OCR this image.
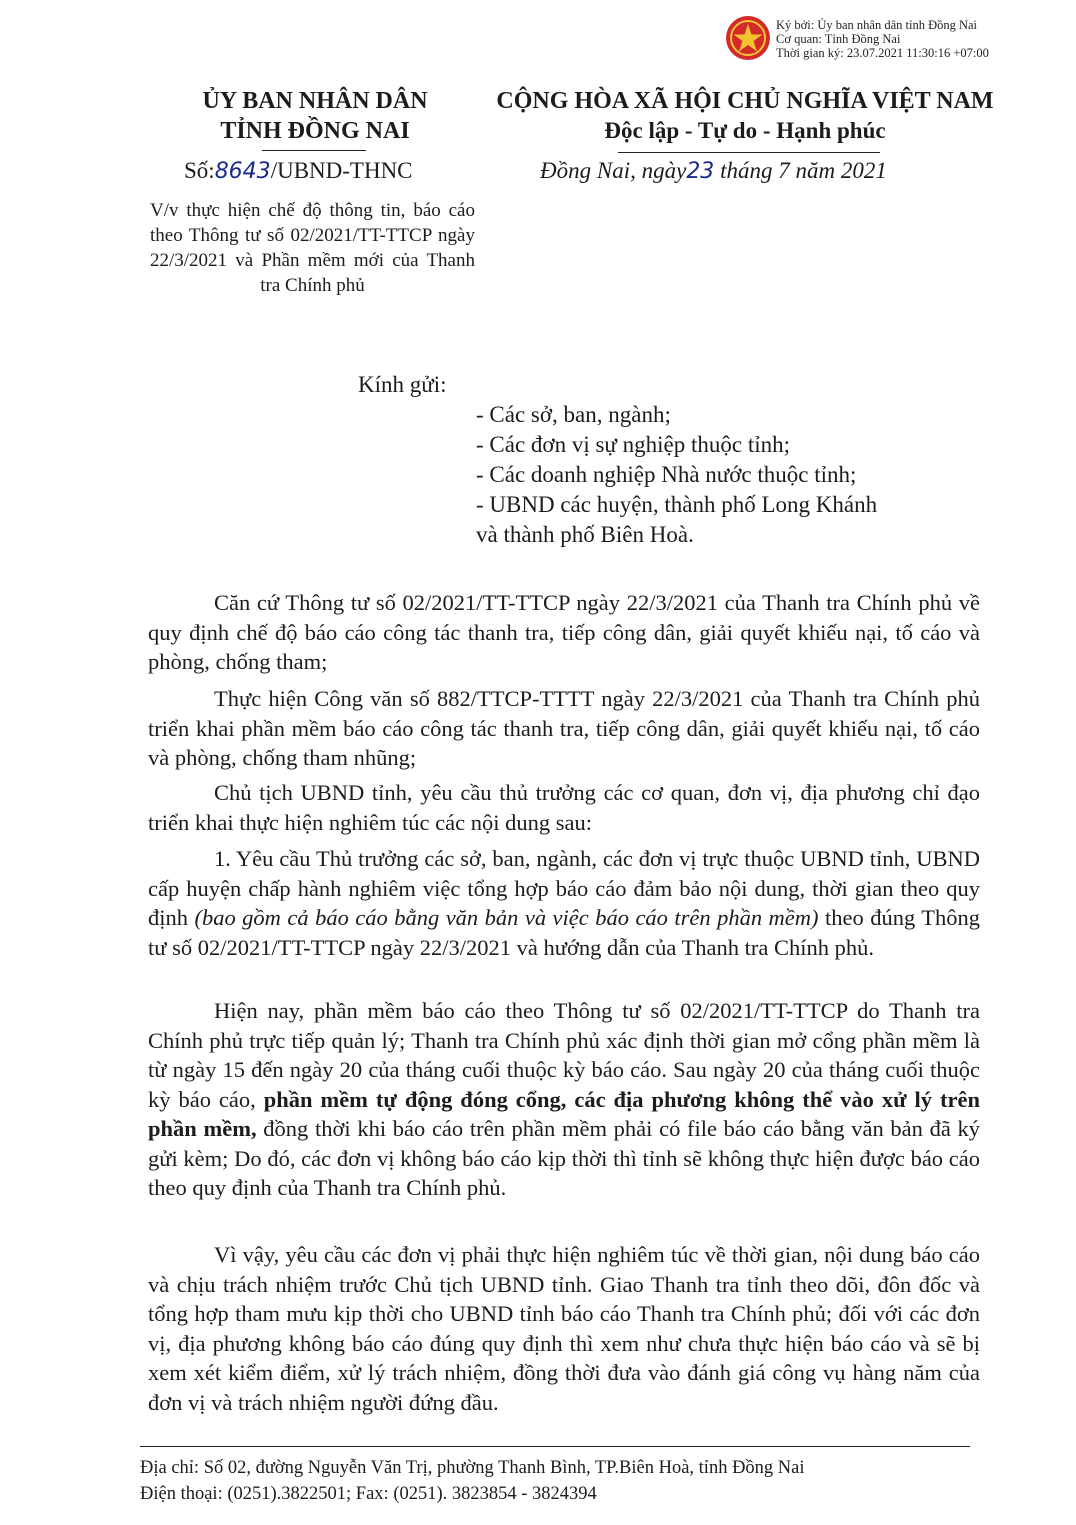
Ký bởi: Ủy ban nhân dân tỉnh Đồng Nai
Cơ quan: Tỉnh Đồng Nai
Thời gian ký: 23.07.2021 11:30:16 +07:00
ỦY BAN NHÂN DÂN
TỈNH ĐỒNG NAI
CỘNG HÒA XÃ HỘI CHỦ NGHĨA VIỆT NAM
Độc lập - Tự do - Hạnh phúc
Số:8643/UBND-THNC	Đồng Nai, ngày23 tháng 7 năm 2021
V/v thực hiện chế độ thông tin, báo cáo theo Thông tư số 02/2021/TT-TTCP ngày 22/3/2021 và Phần mềm mới của Thanh tra Chính phủ
Kính gửi:
- Các sở, ban, ngành;
- Các đơn vị sự nghiệp thuộc tỉnh;
- Các doanh nghiệp Nhà nước thuộc tỉnh;
- UBND các huyện, thành phố Long Khánh
và thành phố Biên Hoà.
Căn cứ Thông tư số 02/2021/TT-TTCP ngày 22/3/2021 của Thanh tra Chính phủ về quy định chế độ báo cáo công tác thanh tra, tiếp công dân, giải quyết khiếu nại, tố cáo và phòng, chống tham;
Thực hiện Công văn số 882/TTCP-TTTT ngày 22/3/2021 của Thanh tra Chính phủ triển khai phần mềm báo cáo công tác thanh tra, tiếp công dân, giải quyết khiếu nại, tố cáo và phòng, chống tham nhũng;
Chủ tịch UBND tỉnh, yêu cầu thủ trưởng các cơ quan, đơn vị, địa phương chỉ đạo triển khai thực hiện nghiêm túc các nội dung sau:
1. Yêu cầu Thủ trưởng các sở, ban, ngành, các đơn vị trực thuộc UBND tỉnh, UBND cấp huyện chấp hành nghiêm việc tổng hợp báo cáo đảm bảo nội dung, thời gian theo quy định (bao gồm cả báo cáo bằng văn bản và việc báo cáo trên phần mềm) theo đúng Thông tư số 02/2021/TT-TTCP ngày 22/3/2021 và hướng dẫn của Thanh tra Chính phủ.
Hiện nay, phần mềm báo cáo theo Thông tư số 02/2021/TT-TTCP do Thanh tra Chính phủ trực tiếp quản lý; Thanh tra Chính phủ xác định thời gian mở cổng phần mềm là từ ngày 15 đến ngày 20 của tháng cuối thuộc kỳ báo cáo. Sau ngày 20 của tháng cuối thuộc kỳ báo cáo, phần mềm tự động đóng cổng, các địa phương không thể vào xử lý trên phần mềm, đồng thời khi báo cáo trên phần mềm phải có file báo cáo bằng văn bản đã ký gửi kèm; Do đó, các đơn vị không báo cáo kịp thời thì tỉnh sẽ không thực hiện được báo cáo theo quy định của Thanh tra Chính phủ.
Vì vậy, yêu cầu các đơn vị phải thực hiện nghiêm túc về thời gian, nội dung báo cáo và chịu trách nhiệm trước Chủ tịch UBND tỉnh. Giao Thanh tra tỉnh theo dõi, đôn đốc và tổng hợp tham mưu kịp thời cho UBND tỉnh báo cáo Thanh tra Chính phủ; đối với các đơn vị, địa phương không báo cáo đúng quy định thì xem như chưa thực hiện báo cáo và sẽ bị xem xét kiểm điểm, xử lý trách nhiệm, đồng thời đưa vào đánh giá công vụ hàng năm của đơn vị và trách nhiệm người đứng đầu.
Địa chỉ: Số 02, đường Nguyễn Văn Trị, phường Thanh Bình, TP.Biên Hoà, tỉnh Đồng Nai
Điện thoại: (0251).3822501; Fax: (0251). 3823854 - 3824394
